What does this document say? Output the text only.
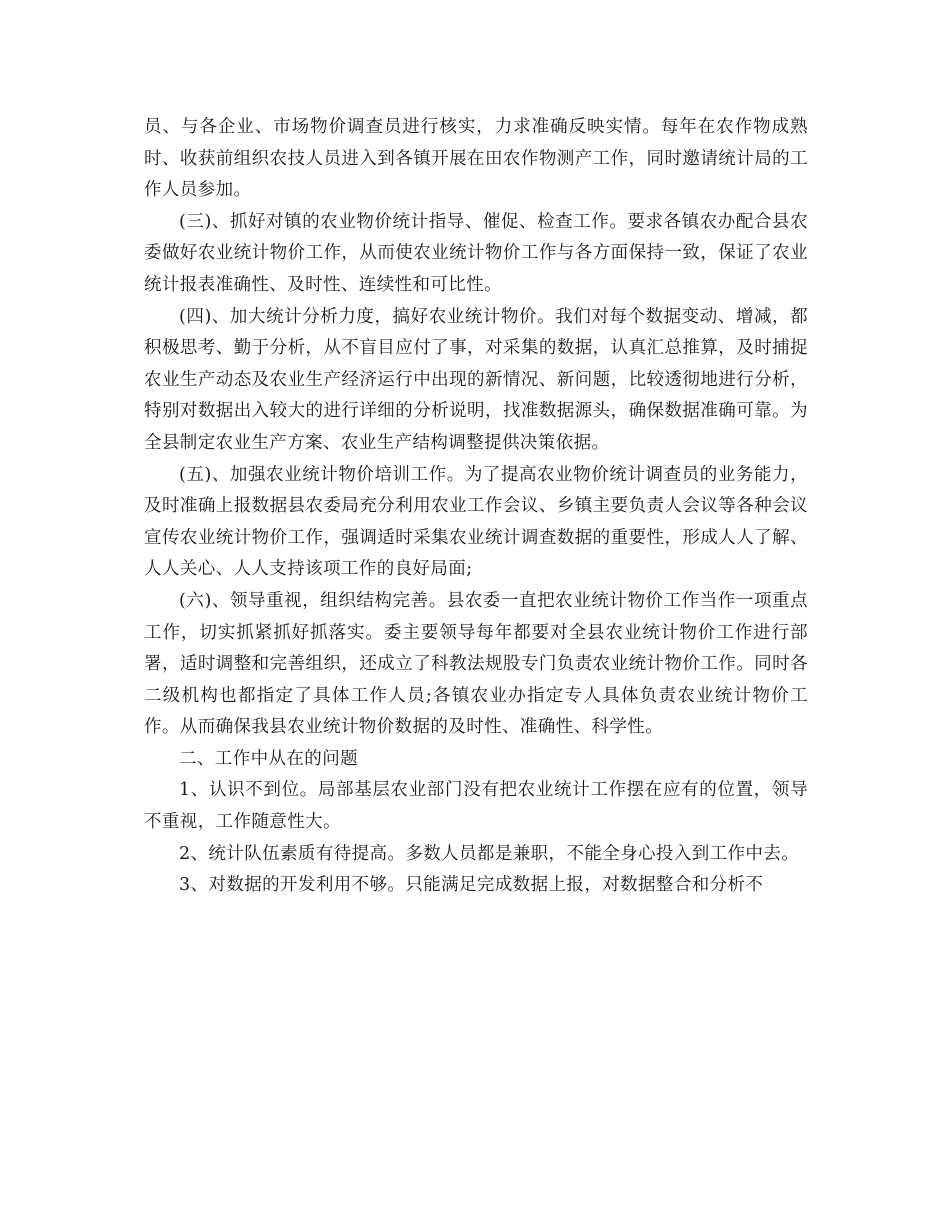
员、与各企业、市场物价调查员进行核实，力求准确反映实情。每年在农作物成熟时、收获前组织农技人员进入到各镇开展在田农作物测产工作，同时邀请统计局的工作人员参加。

(三)、抓好对镇的农业物价统计指导、催促、检查工作。要求各镇农办配合县农委做好农业统计物价工作，从而使农业统计物价工作与各方面保持一致，保证了农业统计报表准确性、及时性、连续性和可比性。

(四)、加大统计分析力度，搞好农业统计物价。我们对每个数据变动、增减，都积极思考、勤于分析，从不盲目应付了事，对采集的数据，认真汇总推算，及时捕捉农业生产动态及农业生产经济运行中出现的新情况、新问题，比较透彻地进行分析，特别对数据出入较大的进行详细的分析说明，找准数据源头，确保数据准确可靠。为全县制定农业生产方案、农业生产结构调整提供决策依据。

(五)、加强农业统计物价培训工作。为了提高农业物价统计调查员的业务能力，及时准确上报数据县农委局充分利用农业工作会议、乡镇主要负责人会议等各种会议宣传农业统计物价工作，强调适时采集农业统计调查数据的重要性，形成人人了解、人人关心、人人支持该项工作的良好局面;

(六)、领导重视，组织结构完善。县农委一直把农业统计物价工作当作一项重点工作，切实抓紧抓好抓落实。委主要领导每年都要对全县农业统计物价工作进行部署，适时调整和完善组织，还成立了科教法规股专门负责农业统计物价工作。同时各二级机构也都指定了具体工作人员;各镇农业办指定专人具体负责农业统计物价工作。从而确保我县农业统计物价数据的及时性、准确性、科学性。

二、工作中从在的问题

1、认识不到位。局部基层农业部门没有把农业统计工作摆在应有的位置，领导不重视，工作随意性大。

2、统计队伍素质有待提高。多数人员都是兼职，不能全身心投入到工作中去。

3、对数据的开发利用不够。只能满足完成数据上报，对数据整合和分析不
